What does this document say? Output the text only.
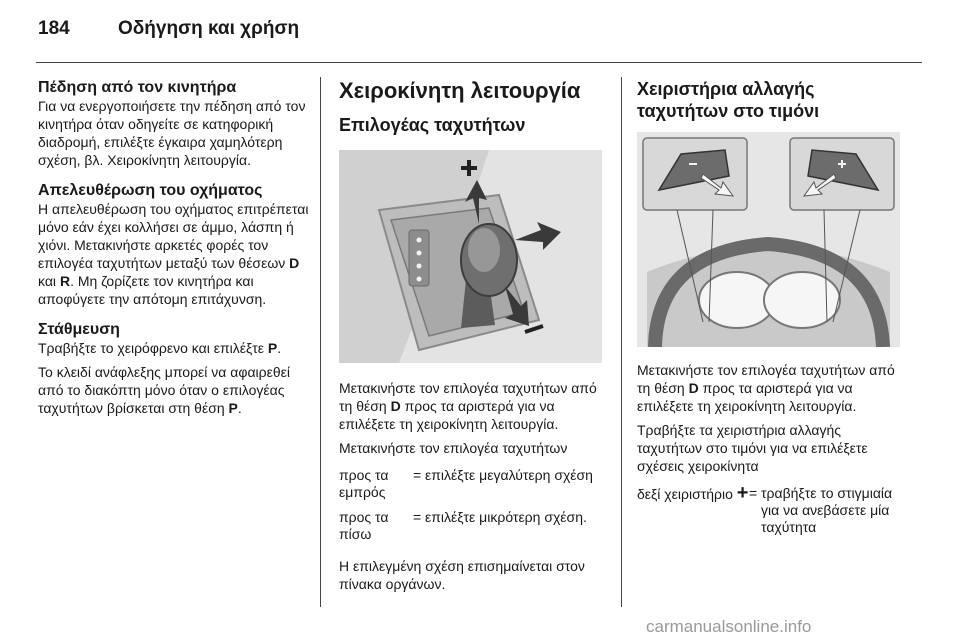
184	Οδήγηση και χρήση
Πέδηση από τον κινητήρα

Για να ενεργοποιήσετε την πέδηση από τον κινητήρα όταν οδηγείτε σε κατηφορική διαδρομή, επιλέξτε έγκαιρα χαμηλότερη σχέση, βλ. Χειροκίνητη λειτουργία.

Απελευθέρωση του οχήματος

Η απελευθέρωση του οχήματος επιτρέπεται μόνο εάν έχει κολλήσει σε άμμο, λάσπη ή χιόνι. Μετακινήστε αρκετές φορές τον επιλογέα ταχυτήτων μεταξύ των θέσεων D και R. Μη ζορίζετε τον κινητήρα και αποφύγετε την απότομη επιτάχυνση.

Στάθμευση

Τραβήξτε το χειρόφρενο και επιλέξτε P.

Το κλειδί ανάφλεξης μπορεί να αφαιρεθεί από το διακόπτη μόνο όταν ο επιλογέας ταχυτήτων βρίσκεται στη θέση P.

Χειροκίνητη λειτουργία
Επιλογέας ταχυτήτων

Μετακινήστε τον επιλογέα ταχυτήτων από τη θέση D προς τα αριστερά για να επιλέξετε τη χειροκίνητη λειτουργία.

Μετακινήστε τον επιλογέα ταχυτήτων

προς τα εμπρός
= επιλέξτε μεγαλύτερη σχέση
προς τα πίσω
= επιλέξτε μικρότερη σχέση.

Η επιλεγμένη σχέση επισημαίνεται στον πίνακα οργάνων.

Χειριστήρια αλλαγής ταχυτήτων στο τιμόνι

Μετακινήστε τον επιλογέα ταχυτήτων από τη θέση D προς τα αριστερά για να επιλέξετε τη χειροκίνητη λειτουργία.

Τραβήξτε τα χειριστήρια αλλαγής ταχυτήτων στο τιμόνι για να επιλέξετε σχέσεις χειροκίνητα

δεξί χειριστήριο + = τραβήξτε το στιγμιαία για να ανεβάσετε μία ταχύτητα
carmanualsonline.info
